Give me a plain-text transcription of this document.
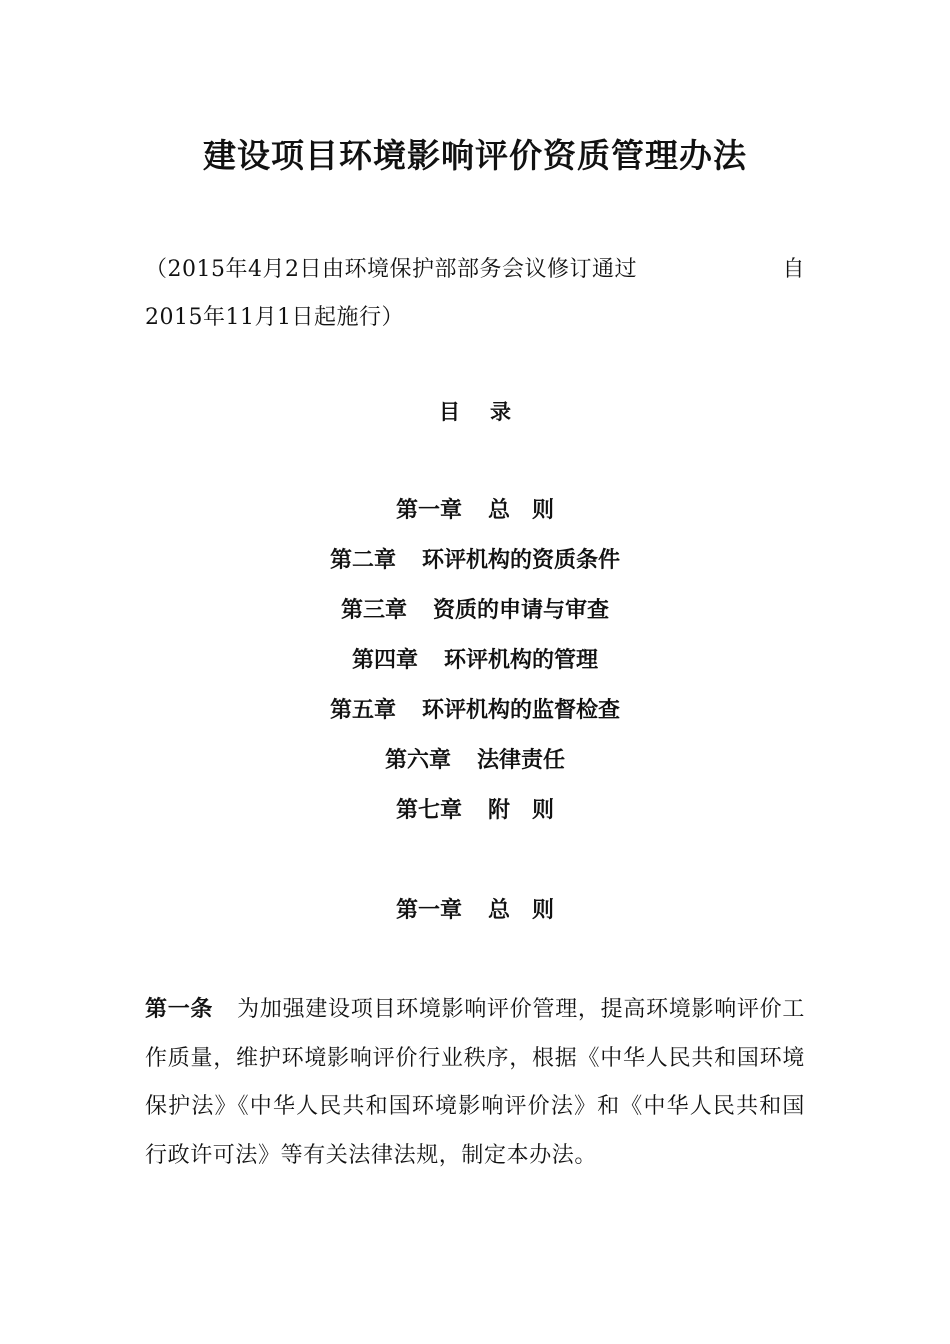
建设项目环境影响评价资质管理办法
（2015年4月2日由环境保护部部务会议修订通过	自
2015年11月1日起施行）
目录
第一章 总　则
第二章 环评机构的资质条件
第三章 资质的申请与审查
第四章 环评机构的管理
第五章 环评机构的监督检查
第六章 法律责任
第七章 附　则
第一章 总　则

第一条 为加强建设项目环境影响评价管理，提高环境影响评价工作质量，维护环境影响评价行业秩序，根据《中华人民共和国环境保护法》《中华人民共和国环境影响评价法》和《中华人民共和国行政许可法》等有关法律法规，制定本办法。
